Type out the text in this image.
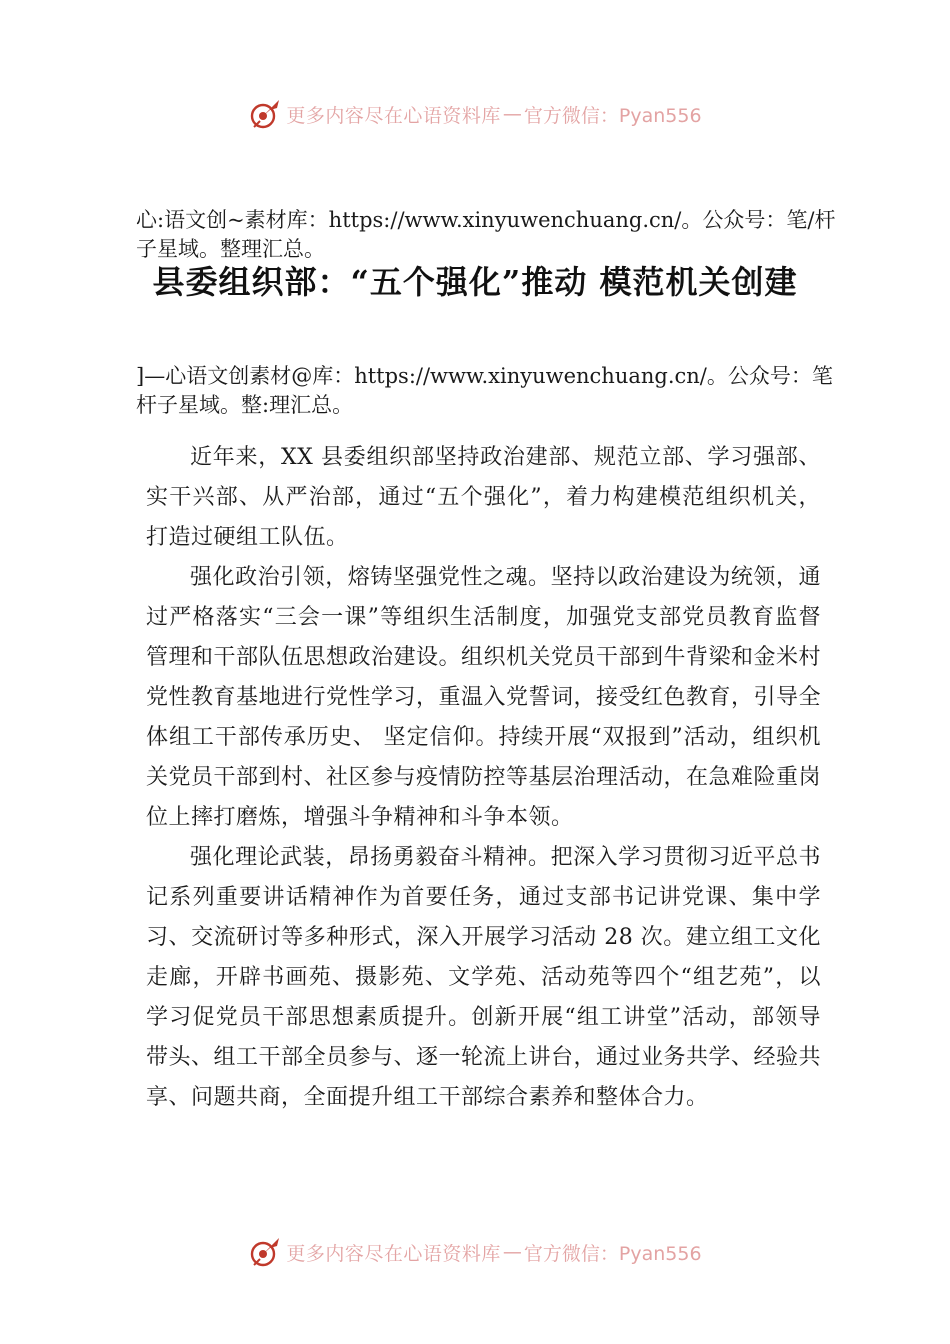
更多内容尽在心语资料库 — 官方微信：Pyan556
心:语文创~素材库：https://www.xinyuwenchuang.cn/。公众号：笔/杆子星域。整理汇总。
县委组织部：“五个强化”推动 模范机关创建
]—心语文创素材@库：https://www.xinyuwenchuang.cn/。公众号：笔杆子星域。整:理汇总。

近年来，XX 县委组织部坚持政治建部、规范立部、学习强部、实干兴部、从严治部，通过“五个强化”，着力构建模范组织机关，打造过硬组工队伍。

强化政治引领，熔铸坚强党性之魂。坚持以政治建设为统领，通过严格落实“三会一课”等组织生活制度，加强党支部党员教育监督管理和干部队伍思想政治建设。组织机关党员干部到牛背梁和金米村党性教育基地进行党性学习，重温入党誓词，接受红色教育，引导全体组工干部传承历史、 坚定信仰。持续开展“双报到”活动，组织机关党员干部到村、社区参与疫情防控等基层治理活动，在急难险重岗位上摔打磨炼，增强斗争精神和斗争本领。

强化理论武装，昂扬勇毅奋斗精神。把深入学习贯彻习近平总书记系列重要讲话精神作为首要任务，通过支部书记讲党课、集中学习、交流研讨等多种形式，深入开展学习活动 28 次。建立组工文化走廊，开辟书画苑、摄影苑、文学苑、活动苑等四个“组艺苑”，以学习促党员干部思想素质提升。创新开展“组工讲堂”活动，部领导带头、组工干部全员参与、逐一轮流上讲台，通过业务共学、经验共享、问题共商，全面提升组工干部综合素养和整体合力。

更多内容尽在心语资料库 — 官方微信：Pyan556
